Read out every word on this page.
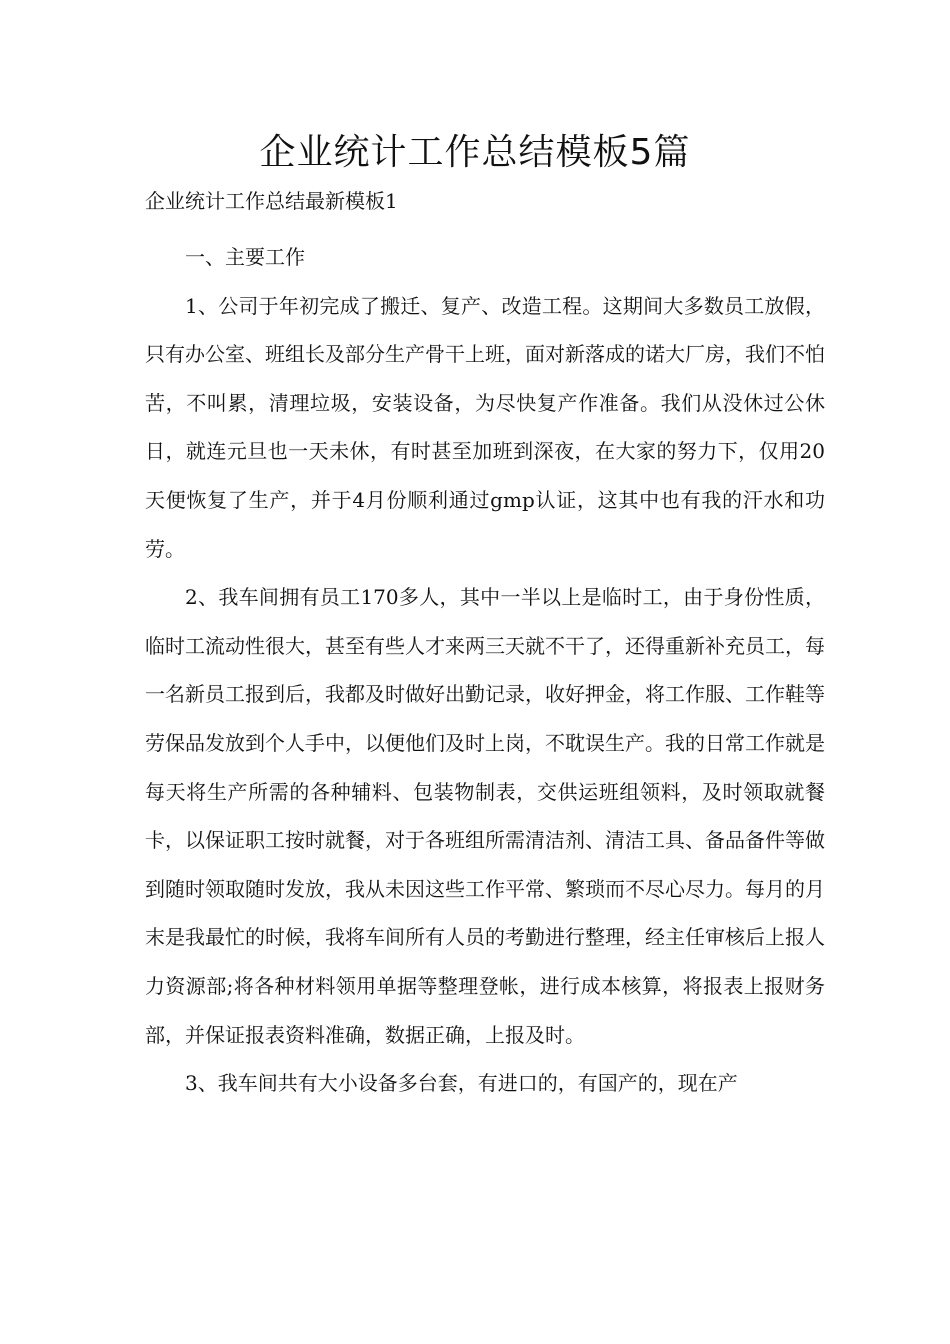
企业统计工作总结模板5篇

企业统计工作总结最新模板1

一、主要工作

1、公司于年初完成了搬迁、复产、改造工程。这期间大多数员工放假，只有办公室、班组长及部分生产骨干上班，面对新落成的诺大厂房，我们不怕苦，不叫累，清理垃圾，安装设备，为尽快复产作准备。我们从没休过公休日，就连元旦也一天未休，有时甚至加班到深夜，在大家的努力下，仅用20天便恢复了生产，并于4月份顺利通过gmp认证，这其中也有我的汗水和功劳。

2、我车间拥有员工170多人，其中一半以上是临时工，由于身份性质，临时工流动性很大，甚至有些人才来两三天就不干了，还得重新补充员工，每一名新员工报到后，我都及时做好出勤记录，收好押金，将工作服、工作鞋等劳保品发放到个人手中，以便他们及时上岗，不耽误生产。我的日常工作就是每天将生产所需的各种辅料、包装物制表，交供运班组领料，及时领取就餐卡，以保证职工按时就餐，对于各班组所需清洁剂、清洁工具、备品备件等做到随时领取随时发放，我从未因这些工作平常、繁琐而不尽心尽力。每月的月末是我最忙的时候，我将车间所有人员的考勤进行整理，经主任审核后上报人力资源部;将各种材料领用单据等整理登帐，进行成本核算，将报表上报财务部，并保证报表资料准确，数据正确，上报及时。

3、我车间共有大小设备多台套，有进口的，有国产的，现在产
